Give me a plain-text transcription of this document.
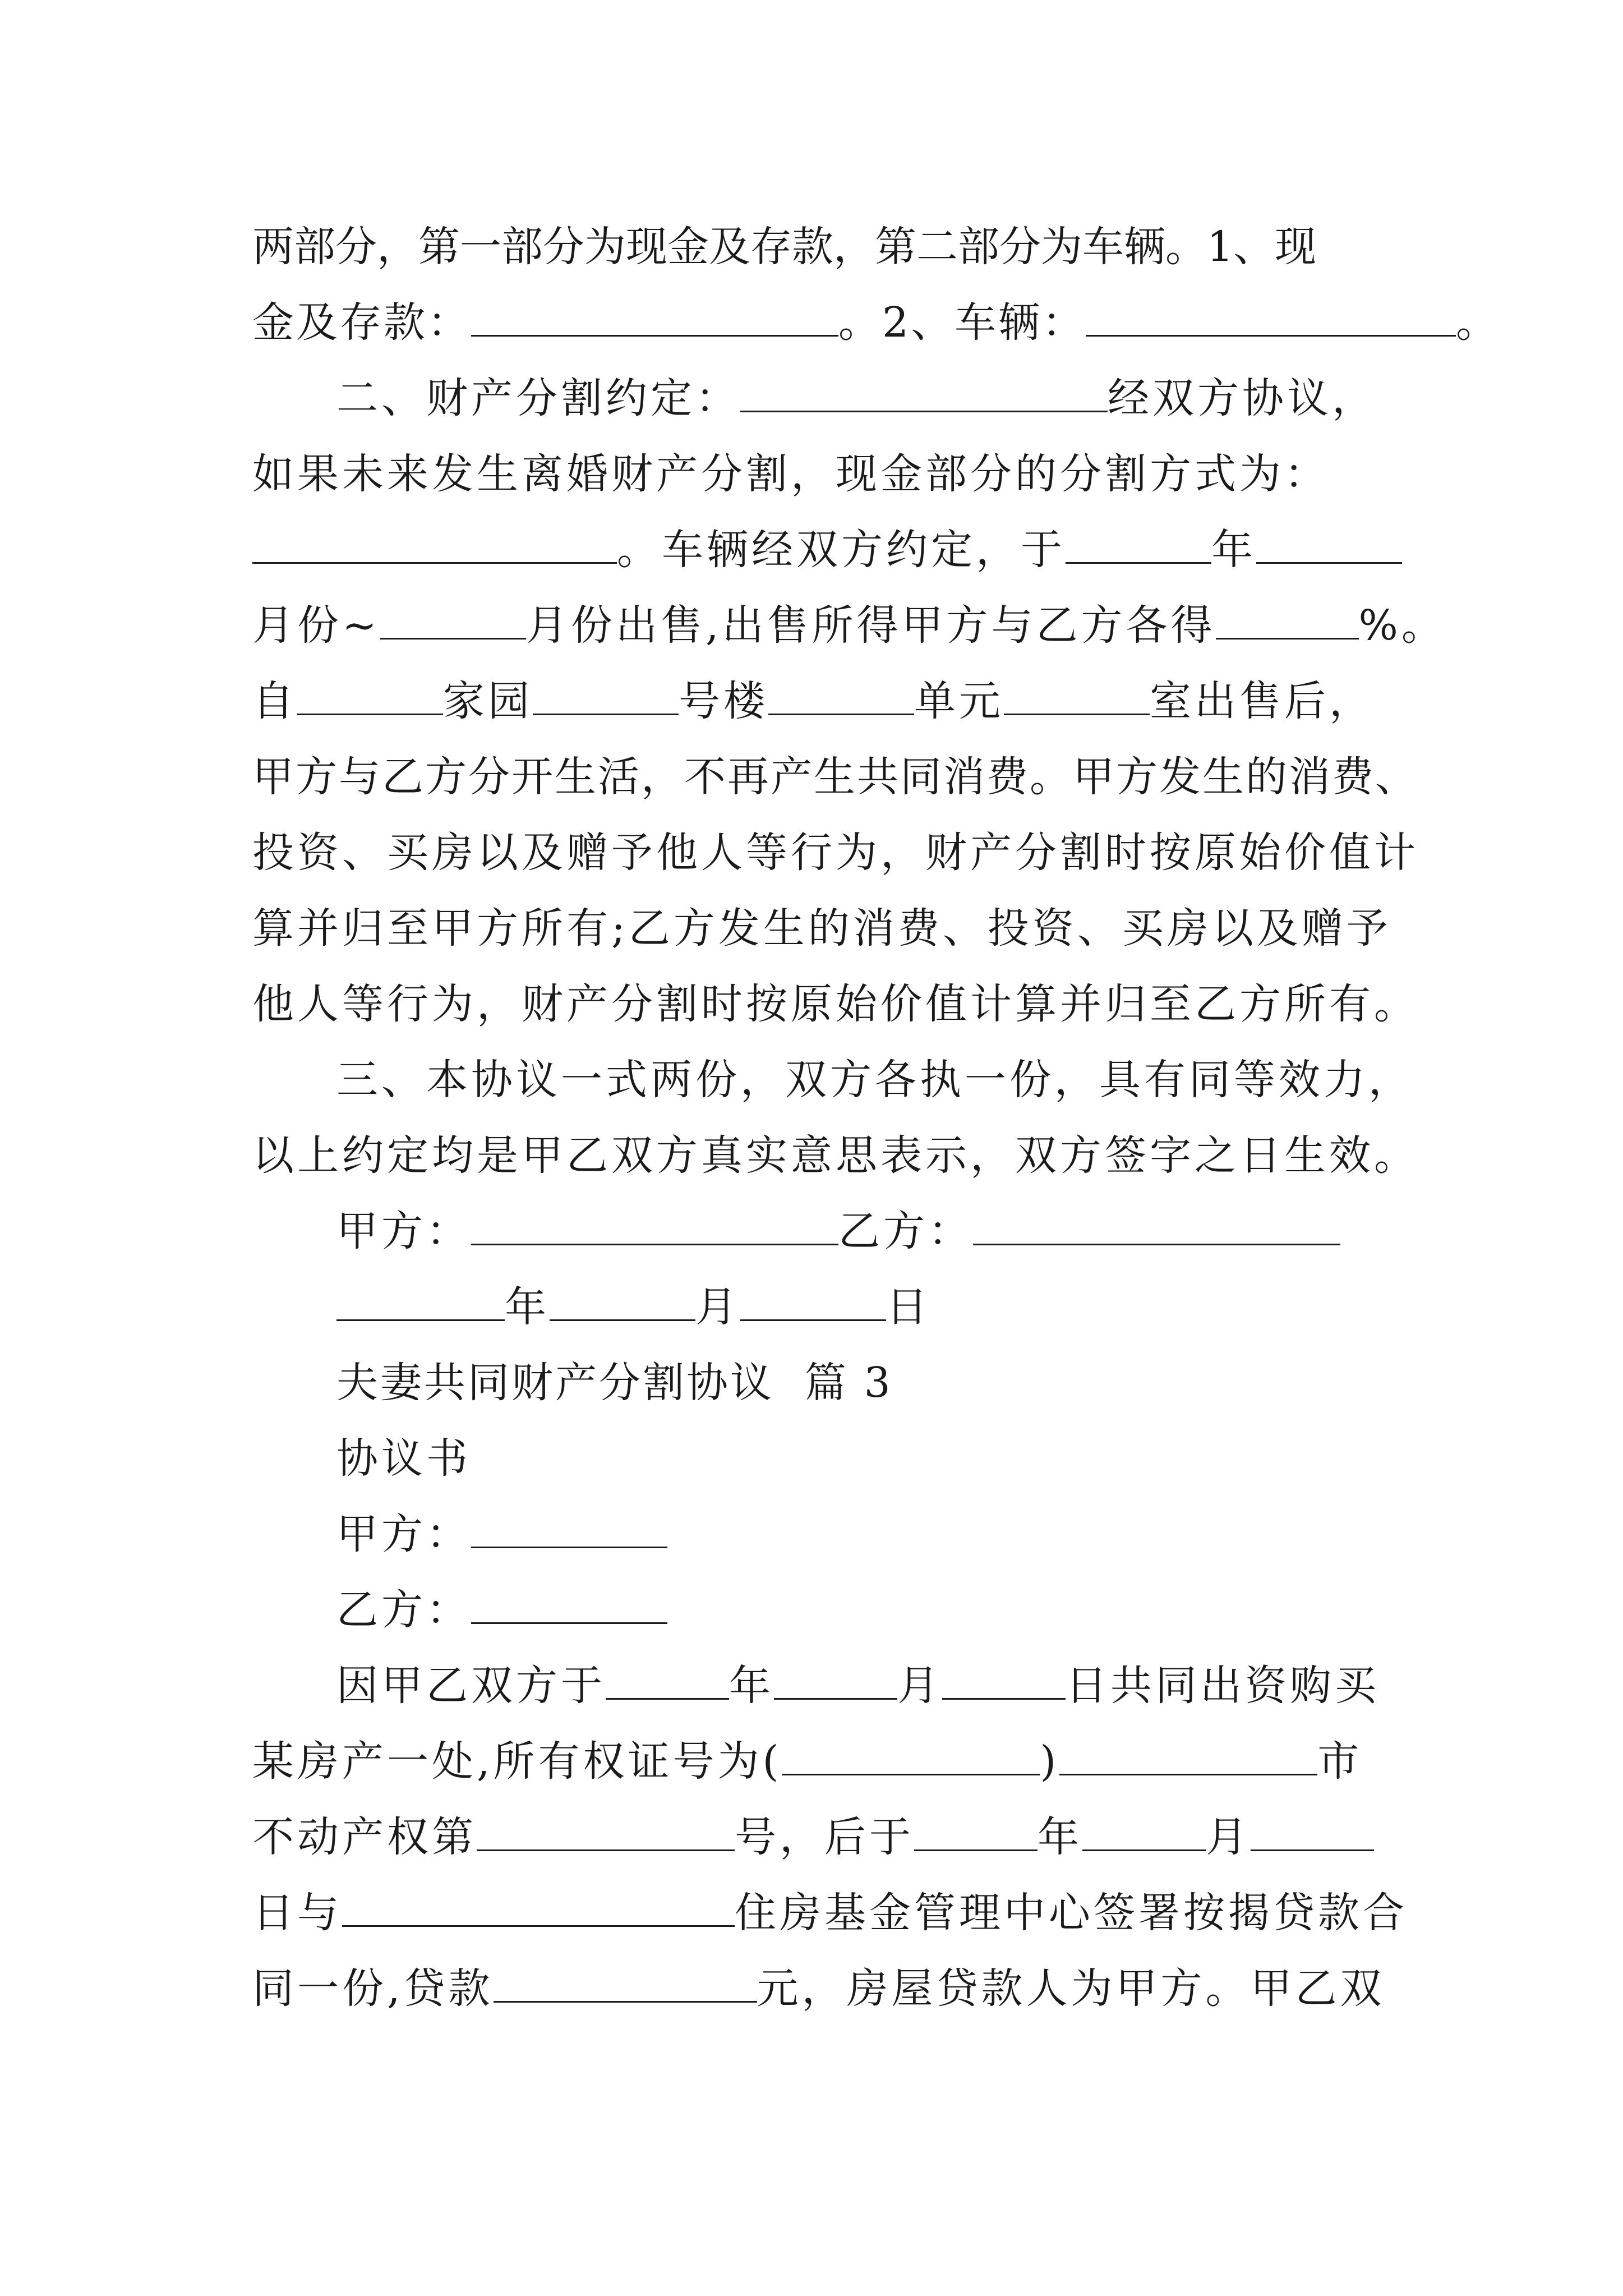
两部分，第一部分为现金及存款，第二部分为车辆。1、现
金及存款：	。2、车辆：	。
二、财产分割约定：	经双方协议，
如果未来发生离婚财产分割，现金部分的分割方式为：
。车辆经双方约定，于	年
月份~	月份出售,出售所得甲方与乙方各得	%。
自	家园	号楼	单元	室出售后，
甲方与乙方分开生活，不再产生共同消费。甲方发生的消费、
投资、买房以及赠予他人等行为，财产分割时按原始价值计
算并归至甲方所有;乙方发生的消费、投资、买房以及赠予
他人等行为，财产分割时按原始价值计算并归至乙方所有。
三、本协议一式两份，双方各执一份，具有同等效力，
以上约定均是甲乙双方真实意思表示，双方签字之日生效。
甲方：	乙方：
年	月	日
夫妻共同财产分割协议  篇 3
协议书
甲方：
乙方：
因甲乙双方于	年	月	日共同出资购买
某房产一处,所有权证号为(	)	市
不动产权第	号，后于	年	月
日与	住房基金管理中心签署按揭贷款合
同一份,贷款	元，房屋贷款人为甲方。甲乙双
